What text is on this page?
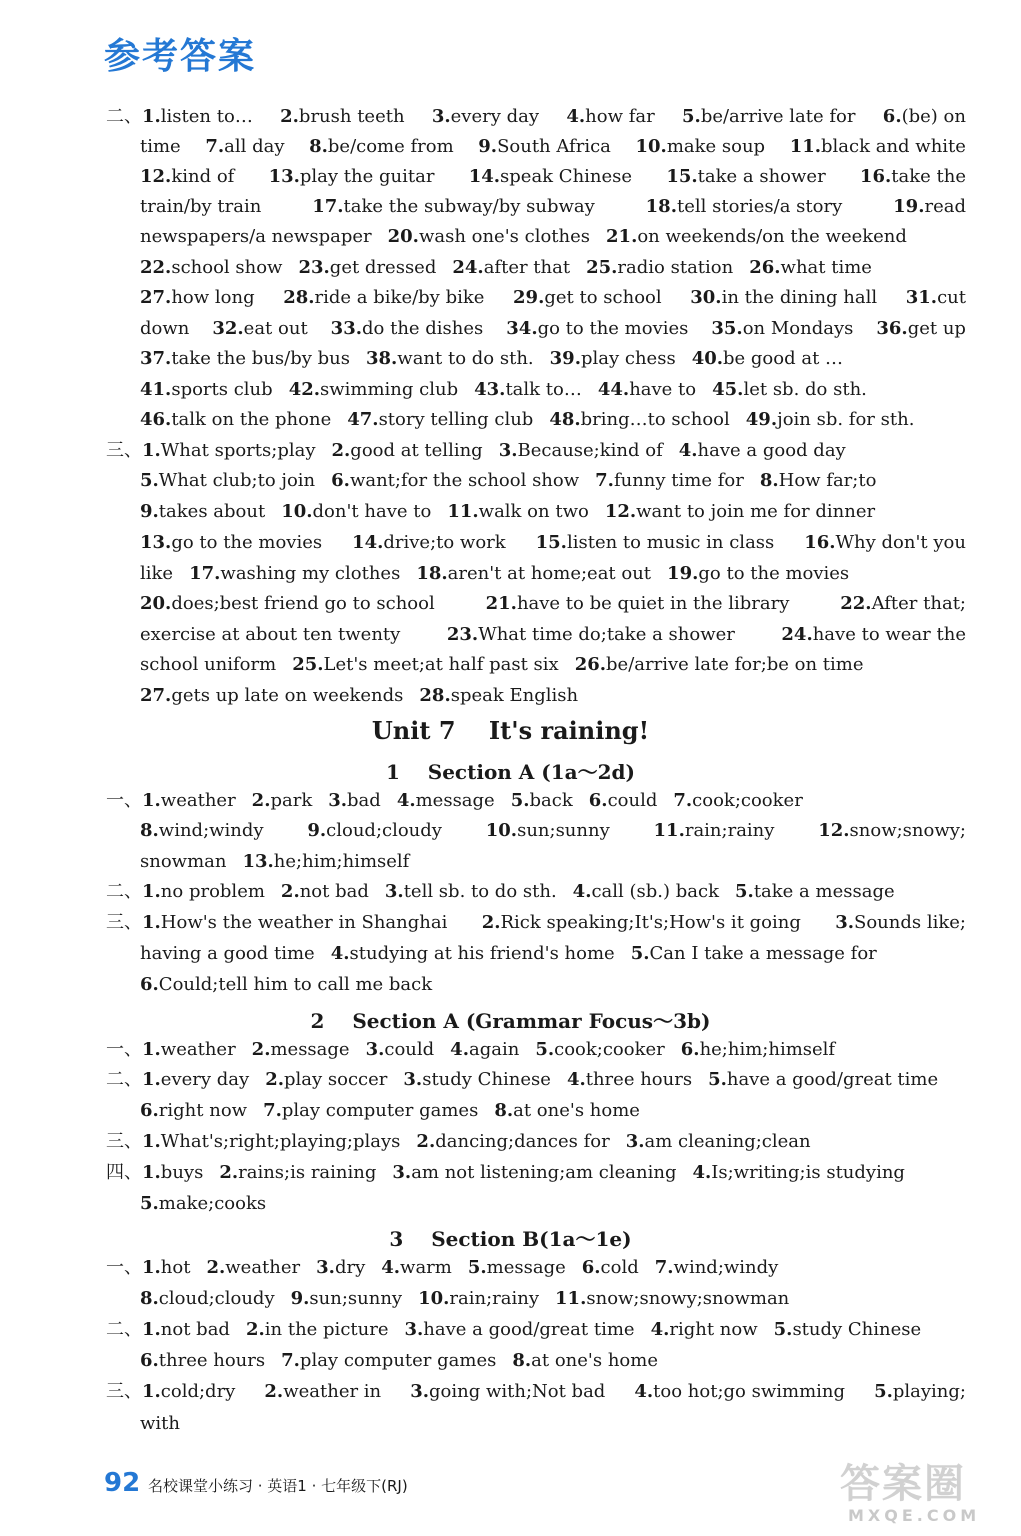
参考答案
二、1.listen to… 2.brush teeth 3.every day 4.how far 5.be/arrive late for 6.(be) on
time 7.all day 8.be/come from 9.South Africa 10.make soup 11.black and white
12.kind of 13.play the guitar 14.speak Chinese 15.take a shower 16.take the
train/by train	17.take the subway/by subway	18.tell stories/a story	19.read
newspapers/a newspaper 20.wash one's clothes 21.on weekends/on the weekend
22.school show 23.get dressed 24.after that 25.radio station 26.what time
27.how long 28.ride a bike/by bike 29.get to school 30.in the dining hall 31.cut
down 32.eat out 33.do the dishes 34.go to the movies 35.on Mondays 36.get up
37.take the bus/by bus 38.want to do sth. 39.play chess 40.be good at …
41.sports club 42.swimming club 43.talk to… 44.have to 45.let sb. do sth.
46.talk on the phone 47.story telling club 48.bring…to school 49.join sb. for sth.
三、1.What sports;play 2.good at telling 3.Because;kind of 4.have a good day
5.What club;to join 6.want;for the school show 7.funny time for 8.How far;to
9.takes about 10.don't have to 11.walk on two 12.want to join me for dinner
13.go to the movies 14.drive;to work 15.listen to music in class 16.Why don't you
like 17.washing my clothes 18.aren't at home;eat out 19.go to the movies
20.does;best friend go to school	21.have to be quiet in the library	22.After that;
exercise at about ten twenty	23.What time do;take a shower	24.have to wear the
school uniform 25.Let's meet;at half past six 26.be/arrive late for;be on time
27.gets up late on weekends 28.speak English
一、1.weather 2.park 3.bad 4.message 5.back 6.could 7.cook;cooker
8.wind;windy 9.cloud;cloudy 10.sun;sunny 11.rain;rainy 12.snow;snowy;
snowman 13.he;him;himself
二、1.no problem 2.not bad 3.tell sb. to do sth. 4.call (sb.) back 5.take a message
三、1.How's the weather in Shanghai 2.Rick speaking;It's;How's it going 3.Sounds like;
having a good time 4.studying at his friend's home 5.Can I take a message for
6.Could;tell him to call me back
一、1.weather 2.message 3.could 4.again 5.cook;cooker 6.he;him;himself
二、1.every day 2.play soccer 3.study Chinese 4.three hours 5.have a good/great time
6.right now 7.play computer games 8.at one's home
三、1.What's;right;playing;plays 2.dancing;dances for 3.am cleaning;clean
四、1.buys 2.rains;is raining 3.am not listening;am cleaning 4.Is;writing;is studying
5.make;cooks
一、1.hot 2.weather 3.dry 4.warm 5.message 6.cold 7.wind;windy
8.cloud;cloudy 9.sun;sunny 10.rain;rainy 11.snow;snowy;snowman
二、1.not bad 2.in the picture 3.have a good/great time 4.right now 5.study Chinese
6.three hours 7.play computer games 8.at one's home
三、1.cold;dry 2.weather in 3.going with;Not bad 4.too hot;go swimming 5.playing;
with
Unit 7    It's raining!
1    Section A (1a～2d)
2    Section A (Grammar Focus～3b)
3    Section B(1a～1e)
92 名校课堂小练习 · 英语1 · 七年级下(RJ)	答案圈
MXQE.COM
